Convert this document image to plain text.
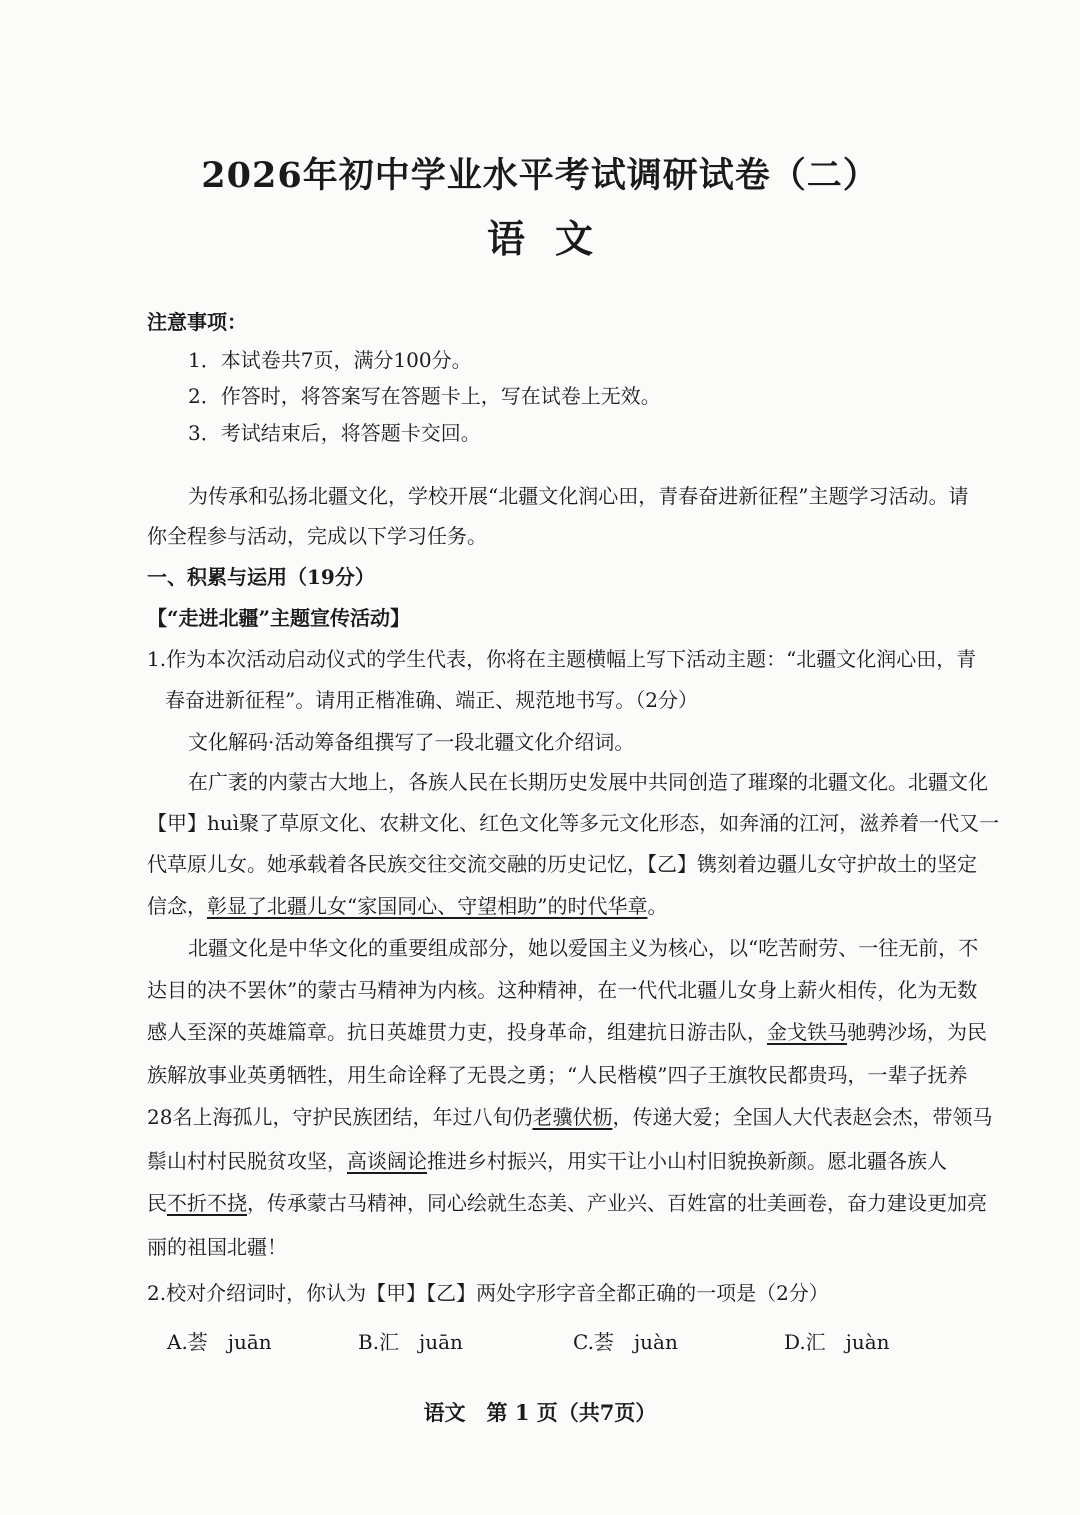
2026年初中学业水平考试调研试卷（二）
语文
注意事项：
1．本试卷共7页，满分100分。
2．作答时，将答案写在答题卡上，写在试卷上无效。
3．考试结束后，将答题卡交回。
为传承和弘扬北疆文化，学校开展“北疆文化润心田，青春奋进新征程”主题学习活动。请
你全程参与活动，完成以下学习任务。
一、积累与运用（19分）
【“走进北疆”主题宣传活动】
1.作为本次活动启动仪式的学生代表，你将在主题横幅上写下活动主题：“北疆文化润心田，青
春奋进新征程”。请用正楷准确、端正、规范地书写。（2分）
文化解码·活动筹备组撰写了一段北疆文化介绍词。
在广袤的内蒙古大地上，各族人民在长期历史发展中共同创造了璀璨的北疆文化。北疆文化
【甲】huì聚了草原文化、农耕文化、红色文化等多元文化形态，如奔涌的江河，滋养着一代又一
代草原儿女。她承载着各民族交往交流交融的历史记忆，【乙】镌刻着边疆儿女守护故土的坚定
信念，彰显了北疆儿女“家国同心、守望相助”的时代华章。
北疆文化是中华文化的重要组成部分，她以爱国主义为核心，以“吃苦耐劳、一往无前，不
达目的决不罢休”的蒙古马精神为内核。这种精神，在一代代北疆儿女身上薪火相传，化为无数
感人至深的英雄篇章。抗日英雄贯力吏，投身革命，组建抗日游击队，金戈铁马驰骋沙场，为民
族解放事业英勇牺牲，用生命诠释了无畏之勇；“人民楷模”四子王旗牧民都贵玛，一辈子抚养
28名上海孤儿，守护民族团结，年过八旬仍老骥伏枥，传递大爱；全国人大代表赵会杰，带领马
鬃山村村民脱贫攻坚，高谈阔论推进乡村振兴，用实干让小山村旧貌换新颜。愿北疆各族人
民不折不挠，传承蒙古马精神，同心绘就生态美、产业兴、百姓富的壮美画卷，奋力建设更加亮
丽的祖国北疆！
2.校对介绍词时，你认为【甲】【乙】两处字形字音全都正确的一项是（2分）
A.荟　juān	B.汇　juān	C.荟　juàn	D.汇　juàn
语文　第 1 页（共7页）
